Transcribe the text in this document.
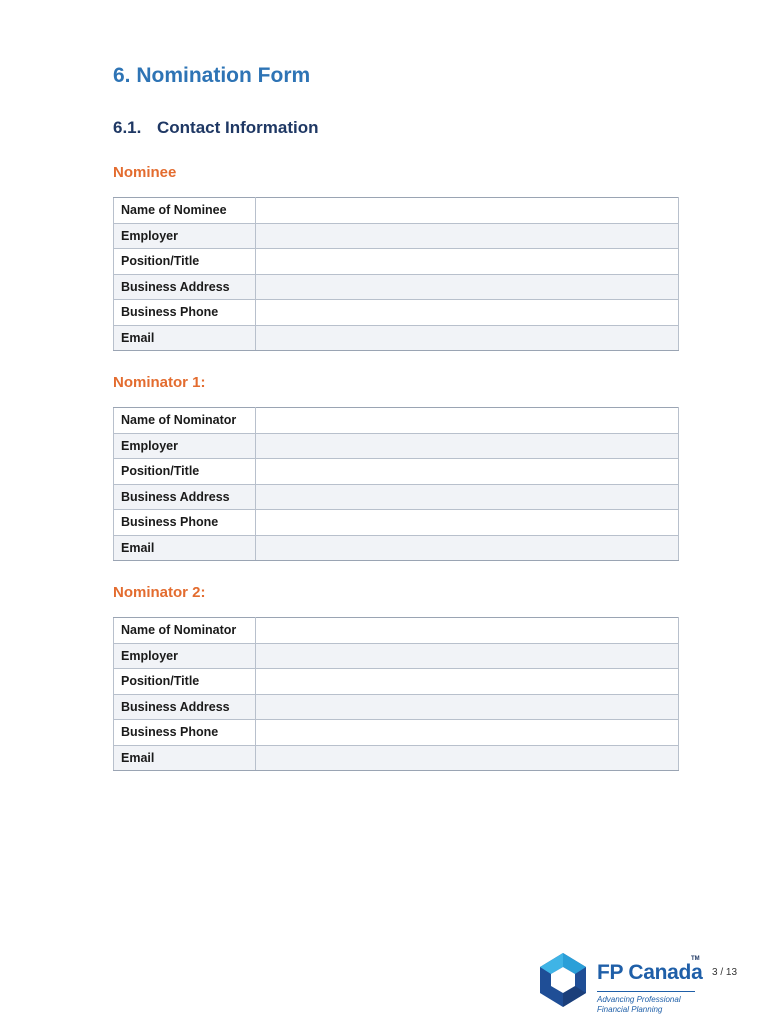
6. Nomination Form
6.1. Contact Information
Nominee
Name of Nominee	
Employer	
Position/Title	
Business Address	
Business Phone	
Email	
Nominator 1:
Name of Nominator	
Employer	
Position/Title	
Business Address	
Business Phone	
Email	
Nominator 2:
Name of Nominator	
Employer	
Position/Title	
Business Address	
Business Phone	
Email	
FP Canada
TM
Advancing Professional
Financial Planning
3 / 13
